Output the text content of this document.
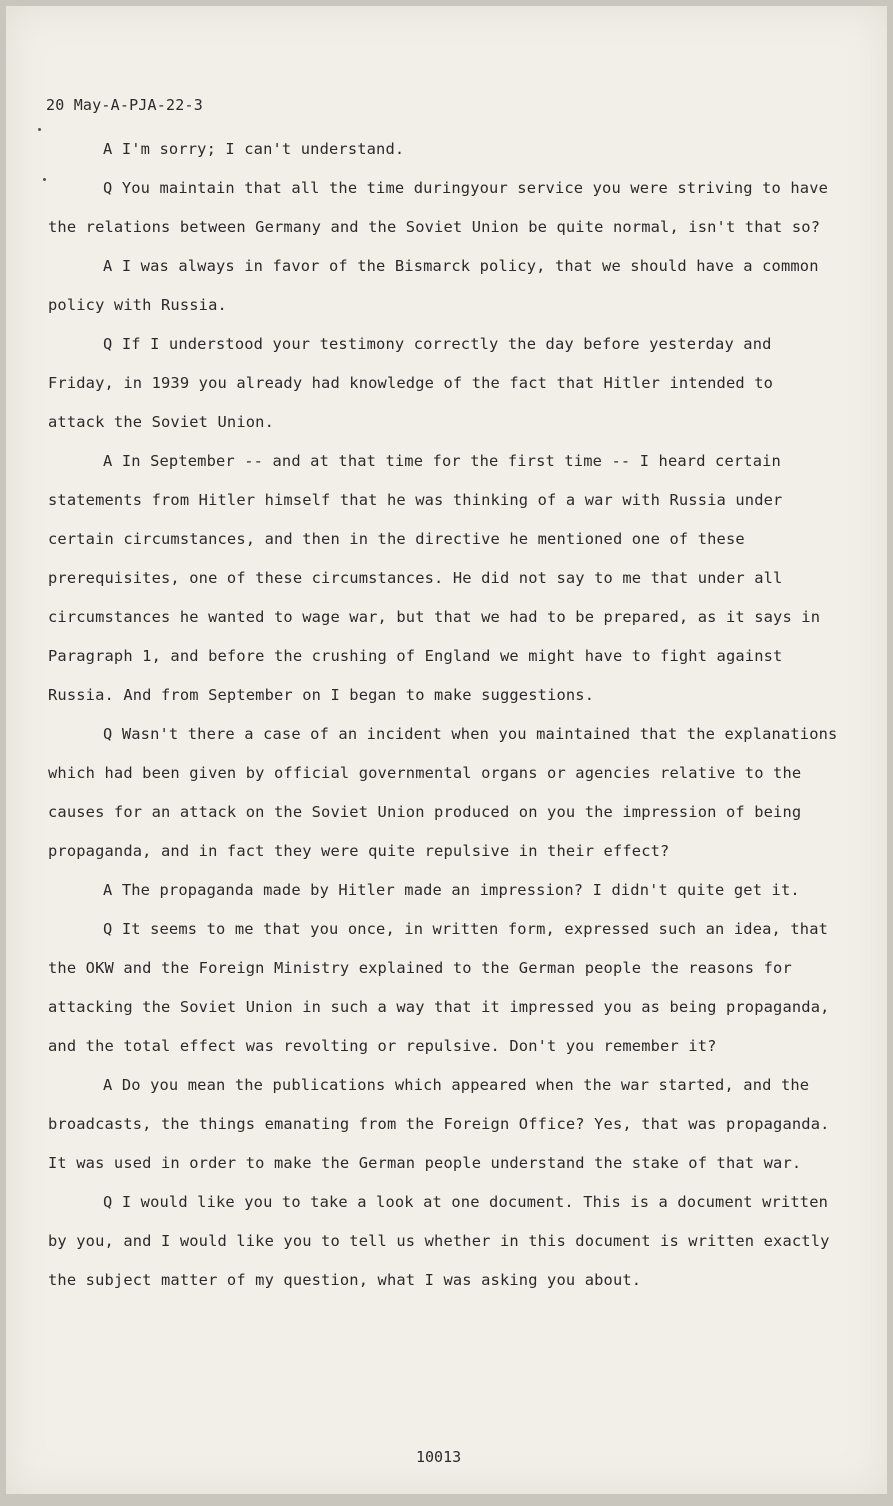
20 May-A-PJA-22-3

A I'm sorry; I can't understand.

Q You maintain that all the time duringyour service you were striving to have the relations between Germany and the Soviet Union be quite normal, isn't that so?

A I was always in favor of the Bismarck policy, that we should have a common policy with Russia.

Q If I understood your testimony correctly the day before yesterday and Friday, in 1939 you already had knowledge of the fact that Hitler intended to attack the Soviet Union.

A In September -- and at that time for the first time -- I heard certain statements from Hitler himself that he was thinking of a war with Russia under certain circumstances, and then in the directive he mentioned one of these prerequisites, one of these circumstances. He did not say to me that under all circumstances he wanted to wage war, but that we had to be prepared, as it says in Paragraph 1, and before the crushing of England we might have to fight against Russia. And from September on I began to make suggestions.

Q Wasn't there a case of an incident when you maintained that the explanations which had been given by official governmental organs or agencies relative to the causes for an attack on the Soviet Union produced on you the impression of being propaganda, and in fact they were quite repulsive in their effect?

A The propaganda made by Hitler made an impression? I didn't quite get it.

Q It seems to me that you once, in written form, expressed such an idea, that the OKW and the Foreign Ministry explained to the German people the reasons for attacking the Soviet Union in such a way that it impressed you as being propaganda, and the total effect was revolting or repulsive. Don't you remember it?

A Do you mean the publications which appeared when the war started, and the broadcasts, the things emanating from the Foreign Office? Yes, that was propaganda. It was used in order to make the German people understand the stake of that war.

Q I would like you to take a look at one document. This is a document written by you, and I would like you to tell us whether in this document is written exactly the subject matter of my question, what I was asking you about.

10013
